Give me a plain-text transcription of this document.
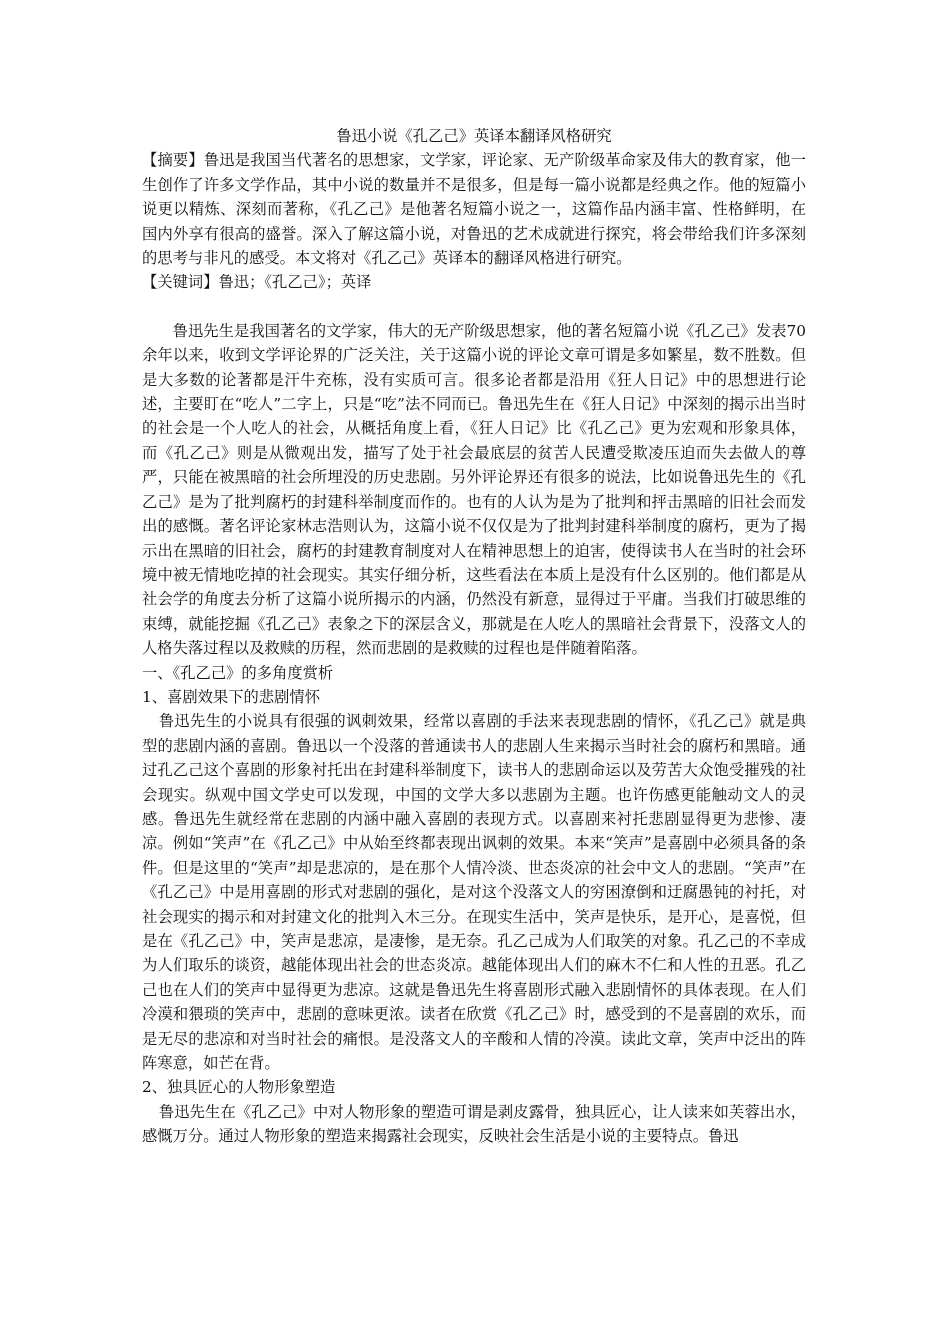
鲁迅小说《孔乙己》英译本翻译风格研究

【摘要】鲁迅是我国当代著名的思想家，文学家，评论家、无产阶级革命家及伟大的教育家，他一生创作了许多文学作品，其中小说的数量并不是很多，但是每一篇小说都是经典之作。他的短篇小说更以精炼、深刻而著称，《孔乙己》是他著名短篇小说之一，这篇作品内涵丰富、性格鲜明，在国内外享有很高的盛誉。深入了解这篇小说，对鲁迅的艺术成就进行探究，将会带给我们许多深刻的思考与非凡的感受。本文将对《孔乙己》英译本的翻译风格进行研究。

【关键词】鲁迅；《孔乙己》；英译

鲁迅先生是我国著名的文学家，伟大的无产阶级思想家，他的著名短篇小说《孔乙己》发表70余年以来，收到文学评论界的广泛关注，关于这篇小说的评论文章可谓是多如繁星，数不胜数。但是大多数的论著都是汗牛充栋，没有实质可言。很多论者都是沿用《狂人日记》中的思想进行论述，主要盯在“吃人”二字上，只是“吃”法不同而已。鲁迅先生在《狂人日记》中深刻的揭示出当时的社会是一个人吃人的社会，从概括角度上看，《狂人日记》比《孔乙己》更为宏观和形象具体，而《孔乙己》则是从微观出发，描写了处于社会最底层的贫苦人民遭受欺凌压迫而失去做人的尊严，只能在被黑暗的社会所埋没的历史悲剧。另外评论界还有很多的说法，比如说鲁迅先生的《孔乙己》是为了批判腐朽的封建科举制度而作的。也有的人认为是为了批判和抨击黑暗的旧社会而发出的感慨。著名评论家林志浩则认为，这篇小说不仅仅是为了批判封建科举制度的腐朽，更为了揭示出在黑暗的旧社会，腐朽的封建教育制度对人在精神思想上的迫害，使得读书人在当时的社会环境中被无情地吃掉的社会现实。其实仔细分析，这些看法在本质上是没有什么区别的。他们都是从社会学的角度去分析了这篇小说所揭示的内涵，仍然没有新意，显得过于平庸。当我们打破思维的束缚，就能挖掘《孔乙己》表象之下的深层含义，那就是在人吃人的黑暗社会背景下，没落文人的人格失落过程以及救赎的历程，然而悲剧的是救赎的过程也是伴随着陷落。

一、《孔乙己》的多角度赏析

1、喜剧效果下的悲剧情怀

鲁迅先生的小说具有很强的讽刺效果，经常以喜剧的手法来表现悲剧的情怀，《孔乙己》就是典型的悲剧内涵的喜剧。鲁迅以一个没落的普通读书人的悲剧人生来揭示当时社会的腐朽和黑暗。通过孔乙己这个喜剧的形象衬托出在封建科举制度下，读书人的悲剧命运以及劳苦大众饱受摧残的社会现实。纵观中国文学史可以发现，中国的文学大多以悲剧为主题。也许伤感更能触动文人的灵感。鲁迅先生就经常在悲剧的内涵中融入喜剧的表现方式。以喜剧来衬托悲剧显得更为悲惨、凄凉。例如“笑声”在《孔乙己》中从始至终都表现出讽刺的效果。本来“笑声”是喜剧中必须具备的条件。但是这里的“笑声”却是悲凉的，是在那个人情冷淡、世态炎凉的社会中文人的悲剧。“笑声”在《孔乙己》中是用喜剧的形式对悲剧的强化，是对这个没落文人的穷困潦倒和迂腐愚钝的衬托，对社会现实的揭示和对封建文化的批判入木三分。在现实生活中，笑声是快乐，是开心，是喜悦，但是在《孔乙己》中，笑声是悲凉，是凄惨，是无奈。孔乙己成为人们取笑的对象。孔乙己的不幸成为人们取乐的谈资，越能体现出社会的世态炎凉。越能体现出人们的麻木不仁和人性的丑恶。孔乙己也在人们的笑声中显得更为悲凉。这就是鲁迅先生将喜剧形式融入悲剧情怀的具体表现。在人们冷漠和猥琐的笑声中，悲剧的意味更浓。读者在欣赏《孔乙己》时，感受到的不是喜剧的欢乐，而是无尽的悲凉和对当时社会的痛恨。是没落文人的辛酸和人情的冷漠。读此文章，笑声中泛出的阵阵寒意，如芒在背。

2、独具匠心的人物形象塑造

鲁迅先生在《孔乙己》中对人物形象的塑造可谓是剥皮露骨，独具匠心，让人读来如芙蓉出水，感慨万分。通过人物形象的塑造来揭露社会现实，反映社会生活是小说的主要特点。鲁迅
